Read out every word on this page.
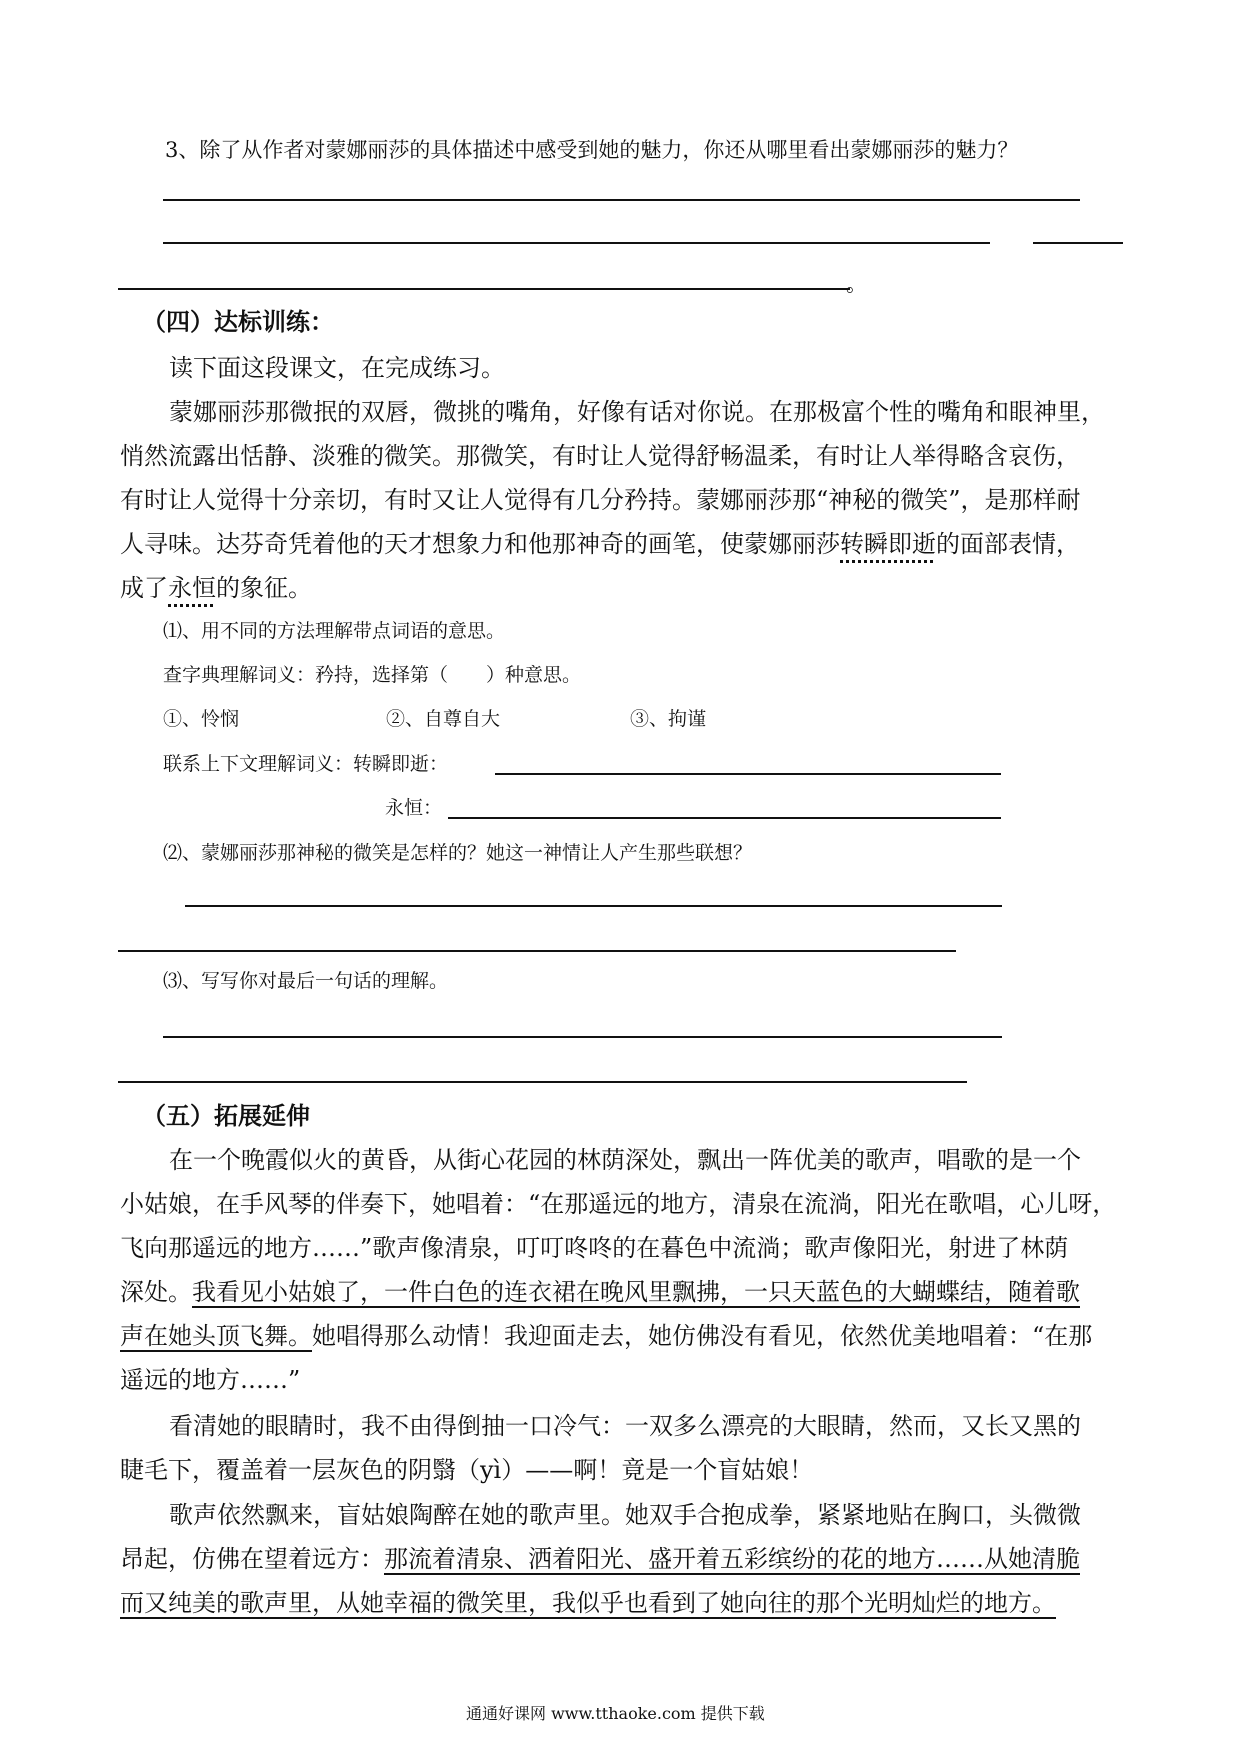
3、除了从作者对蒙娜丽莎的具体描述中感受到她的魅力，你还从哪里看出蒙娜丽莎的魅力？
。
（四）达标训练：
读下面这段课文，在完成练习。
蒙娜丽莎那微抿的双唇，微挑的嘴角，好像有话对你说。在那极富个性的嘴角和眼神里，
悄然流露出恬静、淡雅的微笑。那微笑，有时让人觉得舒畅温柔，有时让人举得略含哀伤，
有时让人觉得十分亲切，有时又让人觉得有几分矜持。蒙娜丽莎那“神秘的微笑”，是那样耐
人寻味。达芬奇凭着他的天才想象力和他那神奇的画笔，使蒙娜丽莎转瞬即逝的面部表情，
成了永恒的象征。
⑴、用不同的方法理解带点词语的意思。
查字典理解词义：矜持，选择第（　　）种意思。
①、怜悯	②、自尊自大	③、拘谨
联系上下文理解词义：转瞬即逝：
永恒：
⑵、蒙娜丽莎那神秘的微笑是怎样的？她这一神情让人产生那些联想？
⑶、写写你对最后一句话的理解。
（五）拓展延伸
在一个晚霞似火的黄昏，从街心花园的林荫深处，飘出一阵优美的歌声，唱歌的是一个
小姑娘，在手风琴的伴奏下，她唱着：“在那遥远的地方，清泉在流淌，阳光在歌唱，心儿呀，
飞向那遥远的地方……”歌声像清泉，叮叮咚咚的在暮色中流淌；歌声像阳光，射进了林荫
深处。我看见小姑娘了，一件白色的连衣裙在晚风里飘拂，一只天蓝色的大蝴蝶结，随着歌
声在她头顶飞舞。她唱得那么动情！我迎面走去，她仿佛没有看见，依然优美地唱着：“在那
遥远的地方……”
看清她的眼睛时，我不由得倒抽一口冷气：一双多么漂亮的大眼睛，然而，又长又黑的
睫毛下，覆盖着一层灰色的阴翳（yì）——啊！竟是一个盲姑娘！
歌声依然飘来，盲姑娘陶醉在她的歌声里。她双手合抱成拳，紧紧地贴在胸口，头微微
昂起，仿佛在望着远方：那流着清泉、洒着阳光、盛开着五彩缤纷的花的地方……从她清脆
而又纯美的歌声里，从她幸福的微笑里，我似乎也看到了她向往的那个光明灿烂的地方。
通通好课网 www.tthaoke.com 提供下载
